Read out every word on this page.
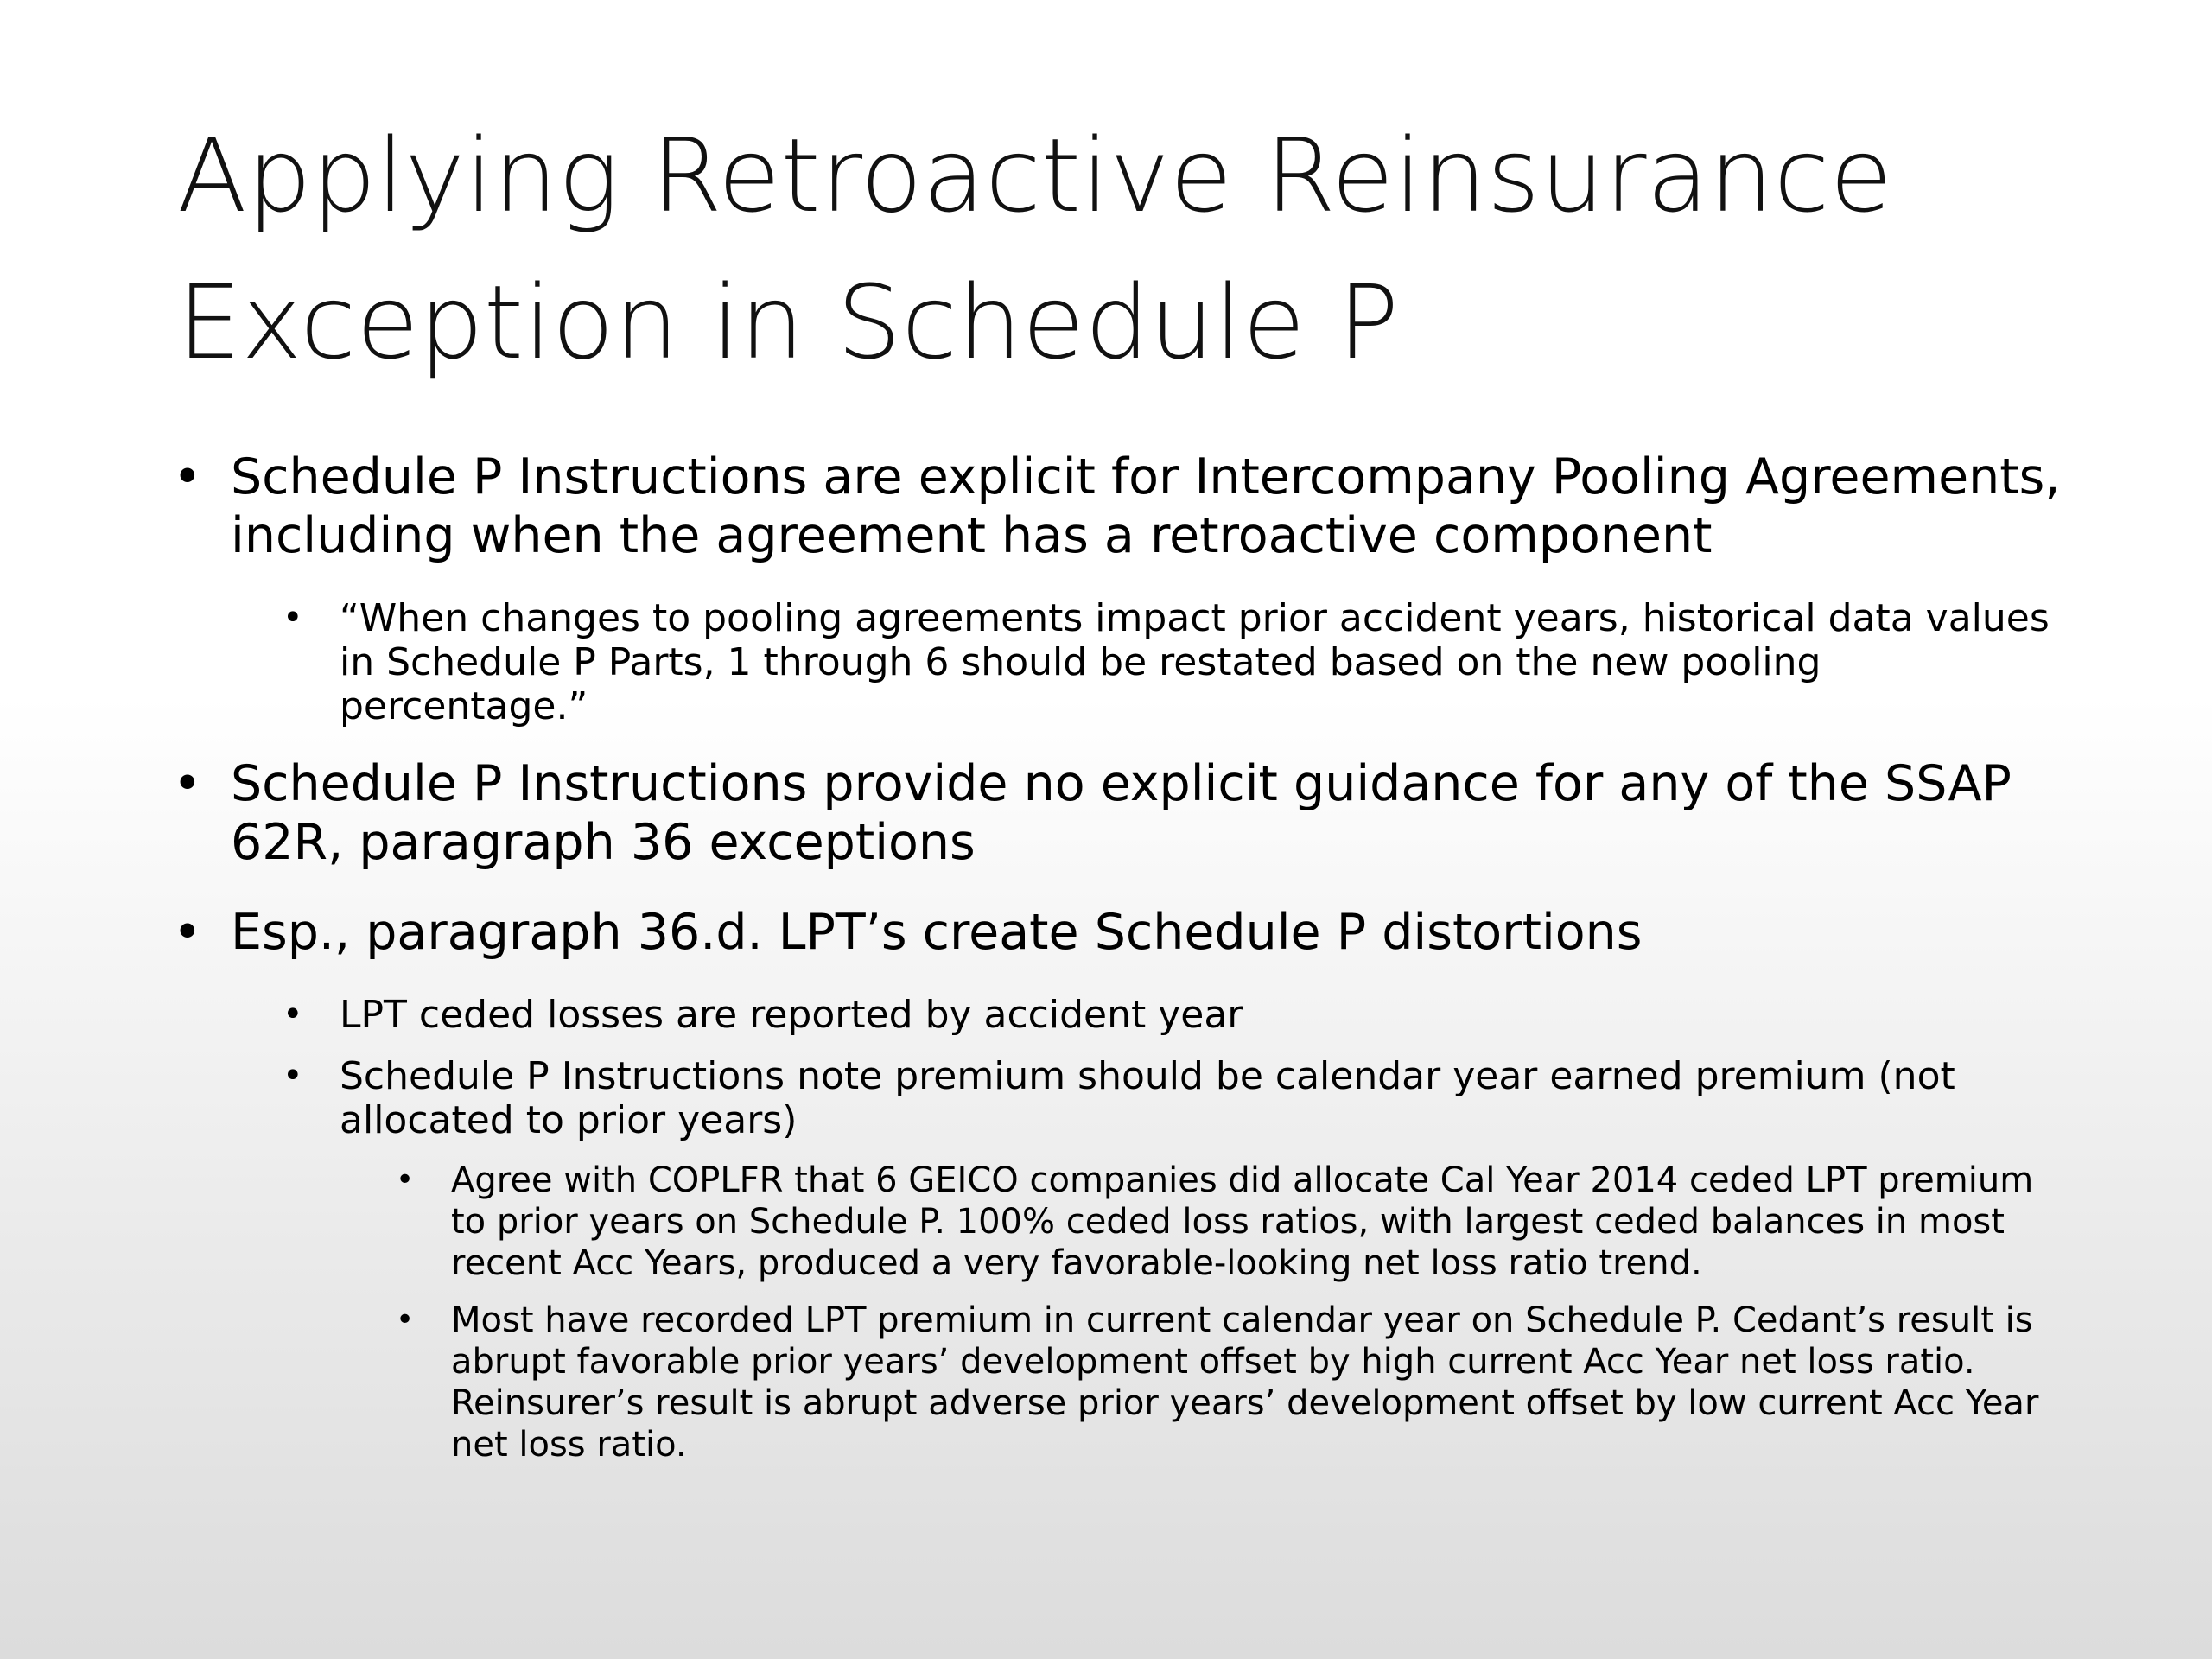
Applying Retroactive Reinsurance
Exception in Schedule P
• Schedule P Instructions are explicit for Intercompany Pooling Agreements, including when the agreement has a retroactive component
• “When changes to pooling agreements impact prior accident years, historical data values in Schedule P Parts, 1 through 6 should be restated based on the new pooling percentage.”
• Schedule P Instructions provide no explicit guidance for any of the SSAP 62R, paragraph 36 exceptions
• Esp., paragraph 36.d. LPT’s create Schedule P distortions
• LPT ceded losses are reported by accident year
• Schedule P Instructions note premium should be calendar year earned premium (not allocated to prior years)
• Agree with COPLFR that 6 GEICO companies did allocate Cal Year 2014 ceded LPT premium to prior years on Schedule P. 100% ceded loss ratios, with largest ceded balances in most recent Acc Years, produced a very favorable-looking net loss ratio trend.
• Most have recorded LPT premium in current calendar year on Schedule P. Cedant’s result is abrupt favorable prior years’ development offset by high current Acc Year net loss ratio. Reinsurer’s result is abrupt adverse prior years’ development offset by low current Acc Year net loss ratio.
